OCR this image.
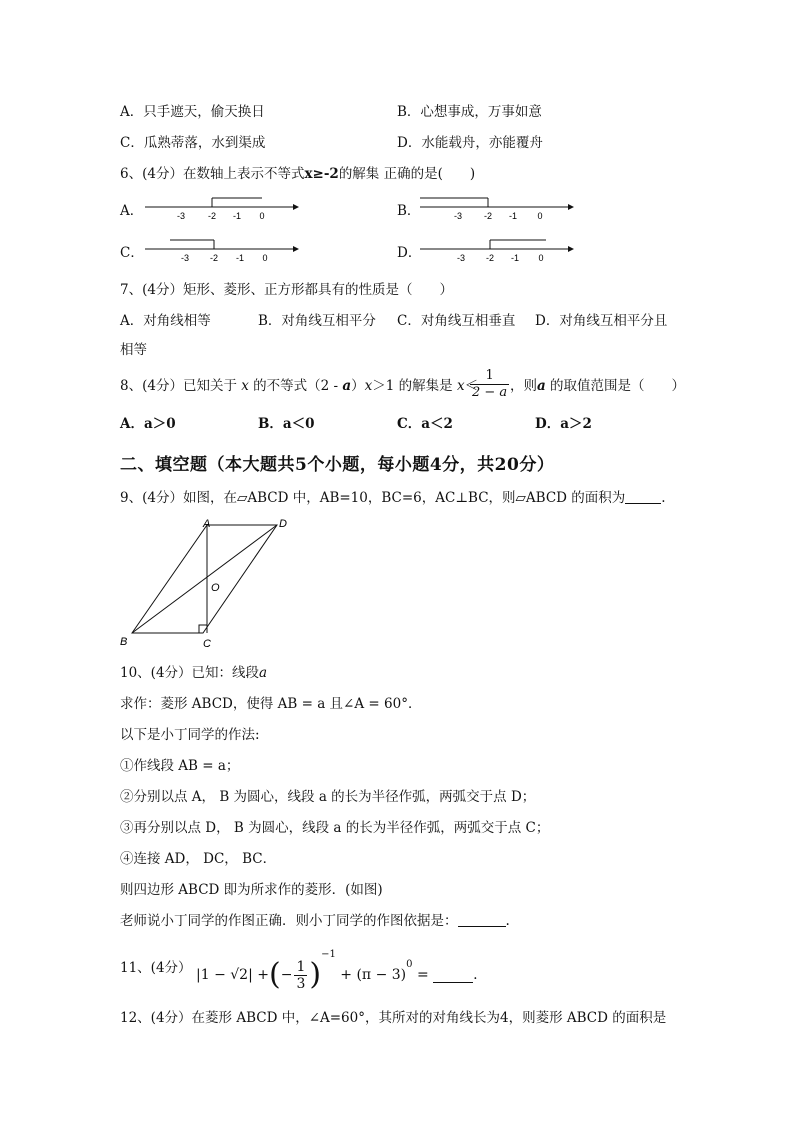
A．只手遮天，偷天换日	B．心想事成，万事如意
C．瓜熟蒂落，水到渠成	D．水能载舟，亦能覆舟
6、(4分）在数轴上表示不等式x≥-2的解集 正确的是(　　)
A．	-3	-2 -1 0	B．	-3 -2 -1 0
C．	-3 -2 -1 0	D．	-3 -2 -1 0
7、(4分）矩形、菱形、正方形都具有的性质是（　　）
A．对角线相等	B．对角线互相平分 C．对角线互相垂直 D．对角线互相平分且
相等
8、(4分）已知关于 x 的不等式（2 - a）x＞1 的解集是 x＜
$\frac{1}{2 - a}$ ，则a 的取值范围是（　　）
A．a＞0	B．a＜0	C．a＜2	D．a＞2
二、填空题（本大题共5个小题，每小题4分，共20分）
9、(4分）如图，在▱ABCD 中，AB=10，BC=6，AC⊥BC，则▱ABCD 的面积为	.
A	D
B	C
O
10、(4分）已知：线段a
求作：菱形 ABCD，使得 AB = a 且∠A = 60°．
以下是小丁同学的作法:
①作线段 AB = a；
②分别以点 A， B 为圆心，线段 a 的长为半径作弧，两弧交于点 D；
③再分别以点 D， B 为圆心，线段 a 的长为半径作弧，两弧交于点 C；
④连接 AD， DC， BC．
则四边形 ABCD 即为所求作的菱形．(如图)
老师说小丁同学的作图正确．则小丁同学的作图依据是：	.
11、(4分） |1 − √2| +(− $\frac{1}{3} )^{-1} + (\pi - 3)^0$ =	.
12、(4分）在菱形 ABCD 中，∠A=60°，其所对的对角线长为4，则菱形 ABCD 的面积是
